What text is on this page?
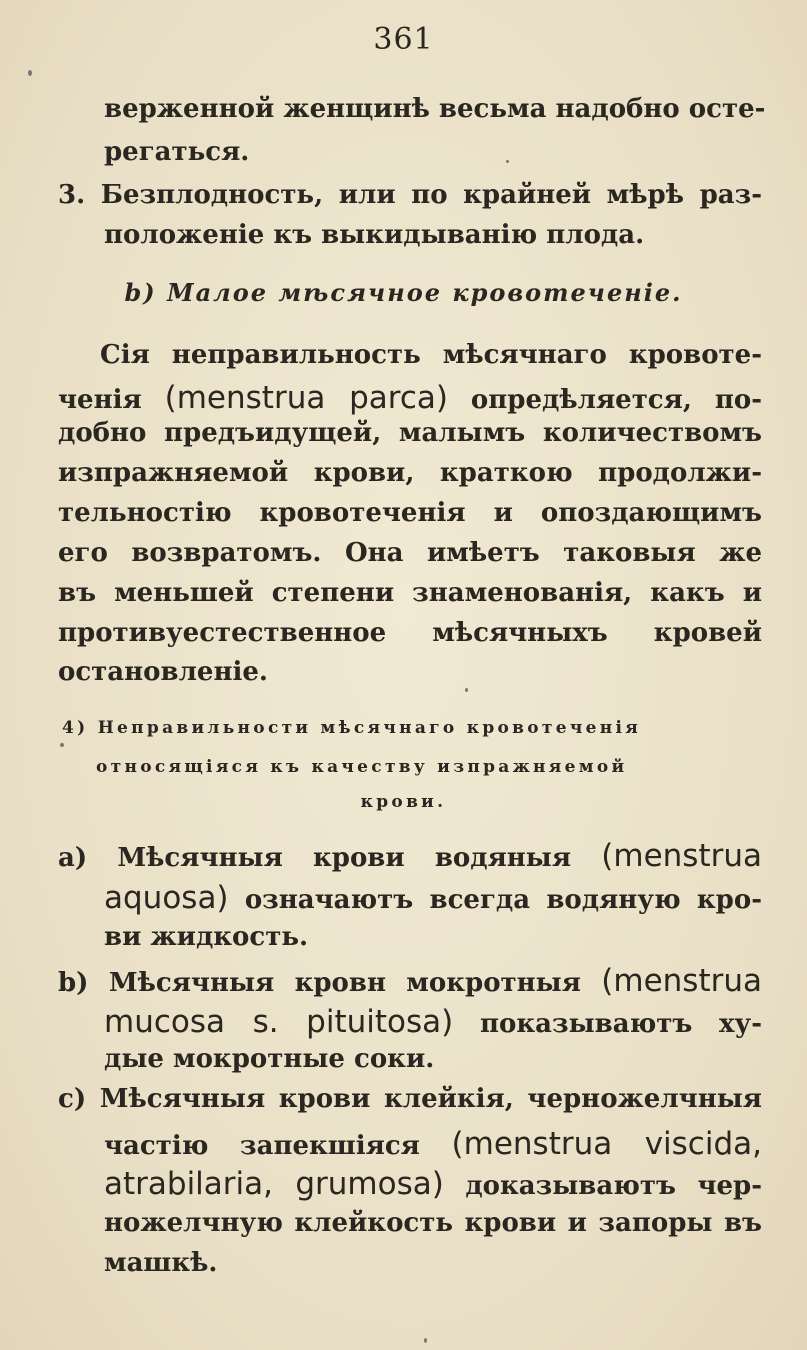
361
верженной женщинѣ весьма надобно осте-
регаться.
3. Безплодность, или по крайней мѣрѣ раз-
положеніе къ выкидыванію плода.
b) Малое мѣсячное кровотеченіе.
Сія неправильность мѣсячнаго кровоте-
ченія (menstrua parca) опредѣляется, по-
добно предъидущей, малымъ количествомъ
изпражняемой крови, краткою продолжи-
тельностію кровотеченія и опоздающимъ
его возвратомъ. Она имѣетъ таковыя же
въ меньшей степени знаменованія, какъ и
противуестественное мѣсячныхъ кровей
остановленіе.
4) Неправильности мѣсячнаго кровотеченія
относящіяся къ качеству изпражняемой
крови.
a) Мѣсячныя крови водяныя (menstrua
aquosa) означаютъ всегда водяную кро-
ви жидкость.
b) Мѣсячныя кровн мокротныя (menstrua
mucosa s. pituitosa) показываютъ ху-
дые мокротные соки.
c) Мѣсячныя крови клейкія, черножелчныя
частію запекшіяся (menstrua viscida,
atrabilaria, grumosa) доказываютъ чер-
ножелчную клейкость крови и запоры въ
машкѣ.
